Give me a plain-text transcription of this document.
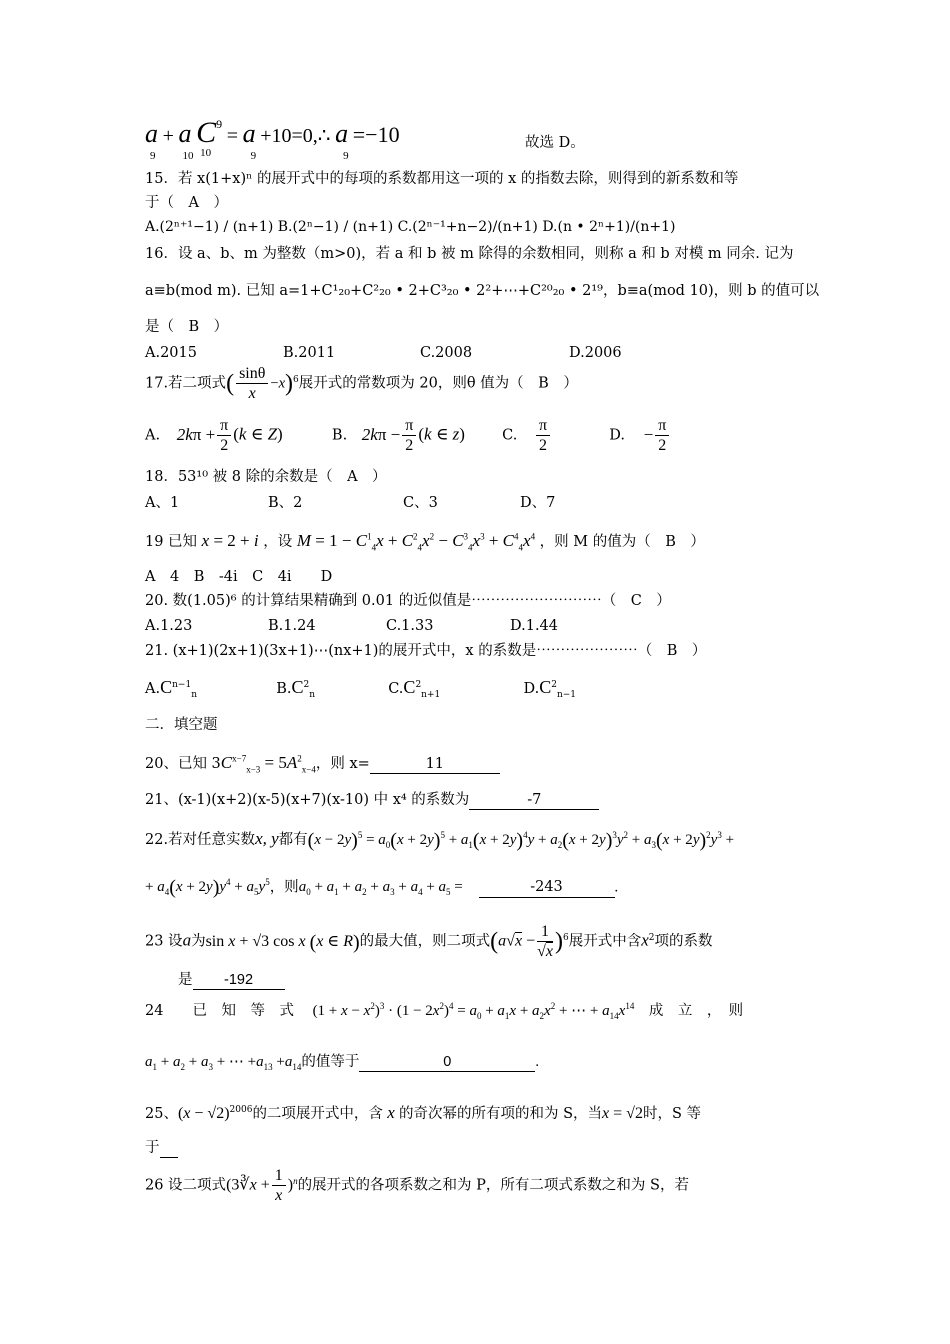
a
9
+ a
10
$C^9$
10
= a
9
+10=0,∴ a
9
=−10	故选 D。
15．若 x(1+x)ⁿ 的展开式中的每项的系数都用这一项的 x 的指数去除，则得到的新系数和等
于（　A　）
A.(2ⁿ⁺¹−1) / (n+1) B.(2ⁿ−1) / (n+1) C.(2ⁿ⁻¹+n−2)/(n+1) D.(n • 2ⁿ+1)/(n+1)
16．设 a、b、m 为整数（m>0)，若 a 和 b 被 m 除得的余数相同，则称 a 和 b 对模 m 同余. 记为
a≡b(mod m). 已知 a=1+C¹₂₀+C²₂₀ • 2+C³₂₀ • 2²+⋯+C²⁰₂₀ • 2¹⁹，b≡a(mod 10)，则 b 的值可以
是（　B　）
A.2015	B.2011	C.2008	D.2006
17.若二项式( $\frac{\sin\theta}{x} -x)^6$展开式的常数项为 20，则θ 值为（　B　）
A. $2k\pi + \frac{\pi}{2} (k$ ∈ Z)	B. $2k\pi - \frac{\pi}{2} (k$ ∈ z)	C. $\frac{\pi}{2}$	D. − $\frac{\pi}{2}$
18．53¹⁰ 被 8 除的余数是（　A　）
A、1	B、2	C、3	D、7
19 已知 x = 2 + i ，设 $M = 1 - C^1_4x + C^2_4x^2 - C^3_4x^3 + C^4_4x^4$ ，则 M 的值为（　B　）
A　4　B　-4i　C　4i　　D
20. 数(1.05)⁶ 的计算结果精确到 0.01 的近似值是⋯⋯⋯⋯⋯⋯⋯⋯⋯（　C　）
A.1.23	B.1.24	C.1.33	D.1.44
21. (x+1)(2x+1)(3x+1)⋯(nx+1)的展开式中，x 的系数是⋯⋯⋯⋯⋯⋯⋯（　B　）
$A.C^{n-1}_n$	$B.C^2_n$	$C.C^2_{n+1}$	$D.C^2_{n-1}$
二．填空题
20、已知 $3C^{x-7}_{x-3} = 5A^2_{x-4}$，则 x=	11
21、(x-1)(x+2)(x-5)(x+7)(x-10) 中 x⁴ 的系数为	-7
22.若对任意实数x, y都有$(x - 2y)^5 = a_0(x + 2y)^5 + a_1(x + 2y)^4y + a_2(x + 2y)^3y^2 + a_3(x + 2y)^2y^3$ +
+ $a_4(x + 2y)y^4 + a_5y^5$，则$a_0 + a_1 + a_2 + a_3 + a_4 + a_5$ =	-243	.
23 设a为sin x + √3 cos x (x ∈ R)的最大值，则二项式$(a√x - \frac{1}{√x} )^6$展开式中含$x^2$项的系数
是 -192
24　　已　知　等　式 $(1 + x - x^2)^3 \cdot (1 - 2x^2)^4 = a_0 + a_1x + a_2x^2$ + ⋯ + $a_{14}x^{14}$ 成　立　，　则
$a_1 + a_2 + a_3$ + ⋯ $+a_{13} +a_{14}$的值等于	0	.
25、$(x - √2)^{2006}$的二项展开式中，含 x 的奇次幂的所有项的和为 S，当x = √2时，S 等
于
26 设二项式(3∛x + $\frac{1}{x} )^n$的展开式的各项系数之和为 P，所有二项式系数之和为 S，若
